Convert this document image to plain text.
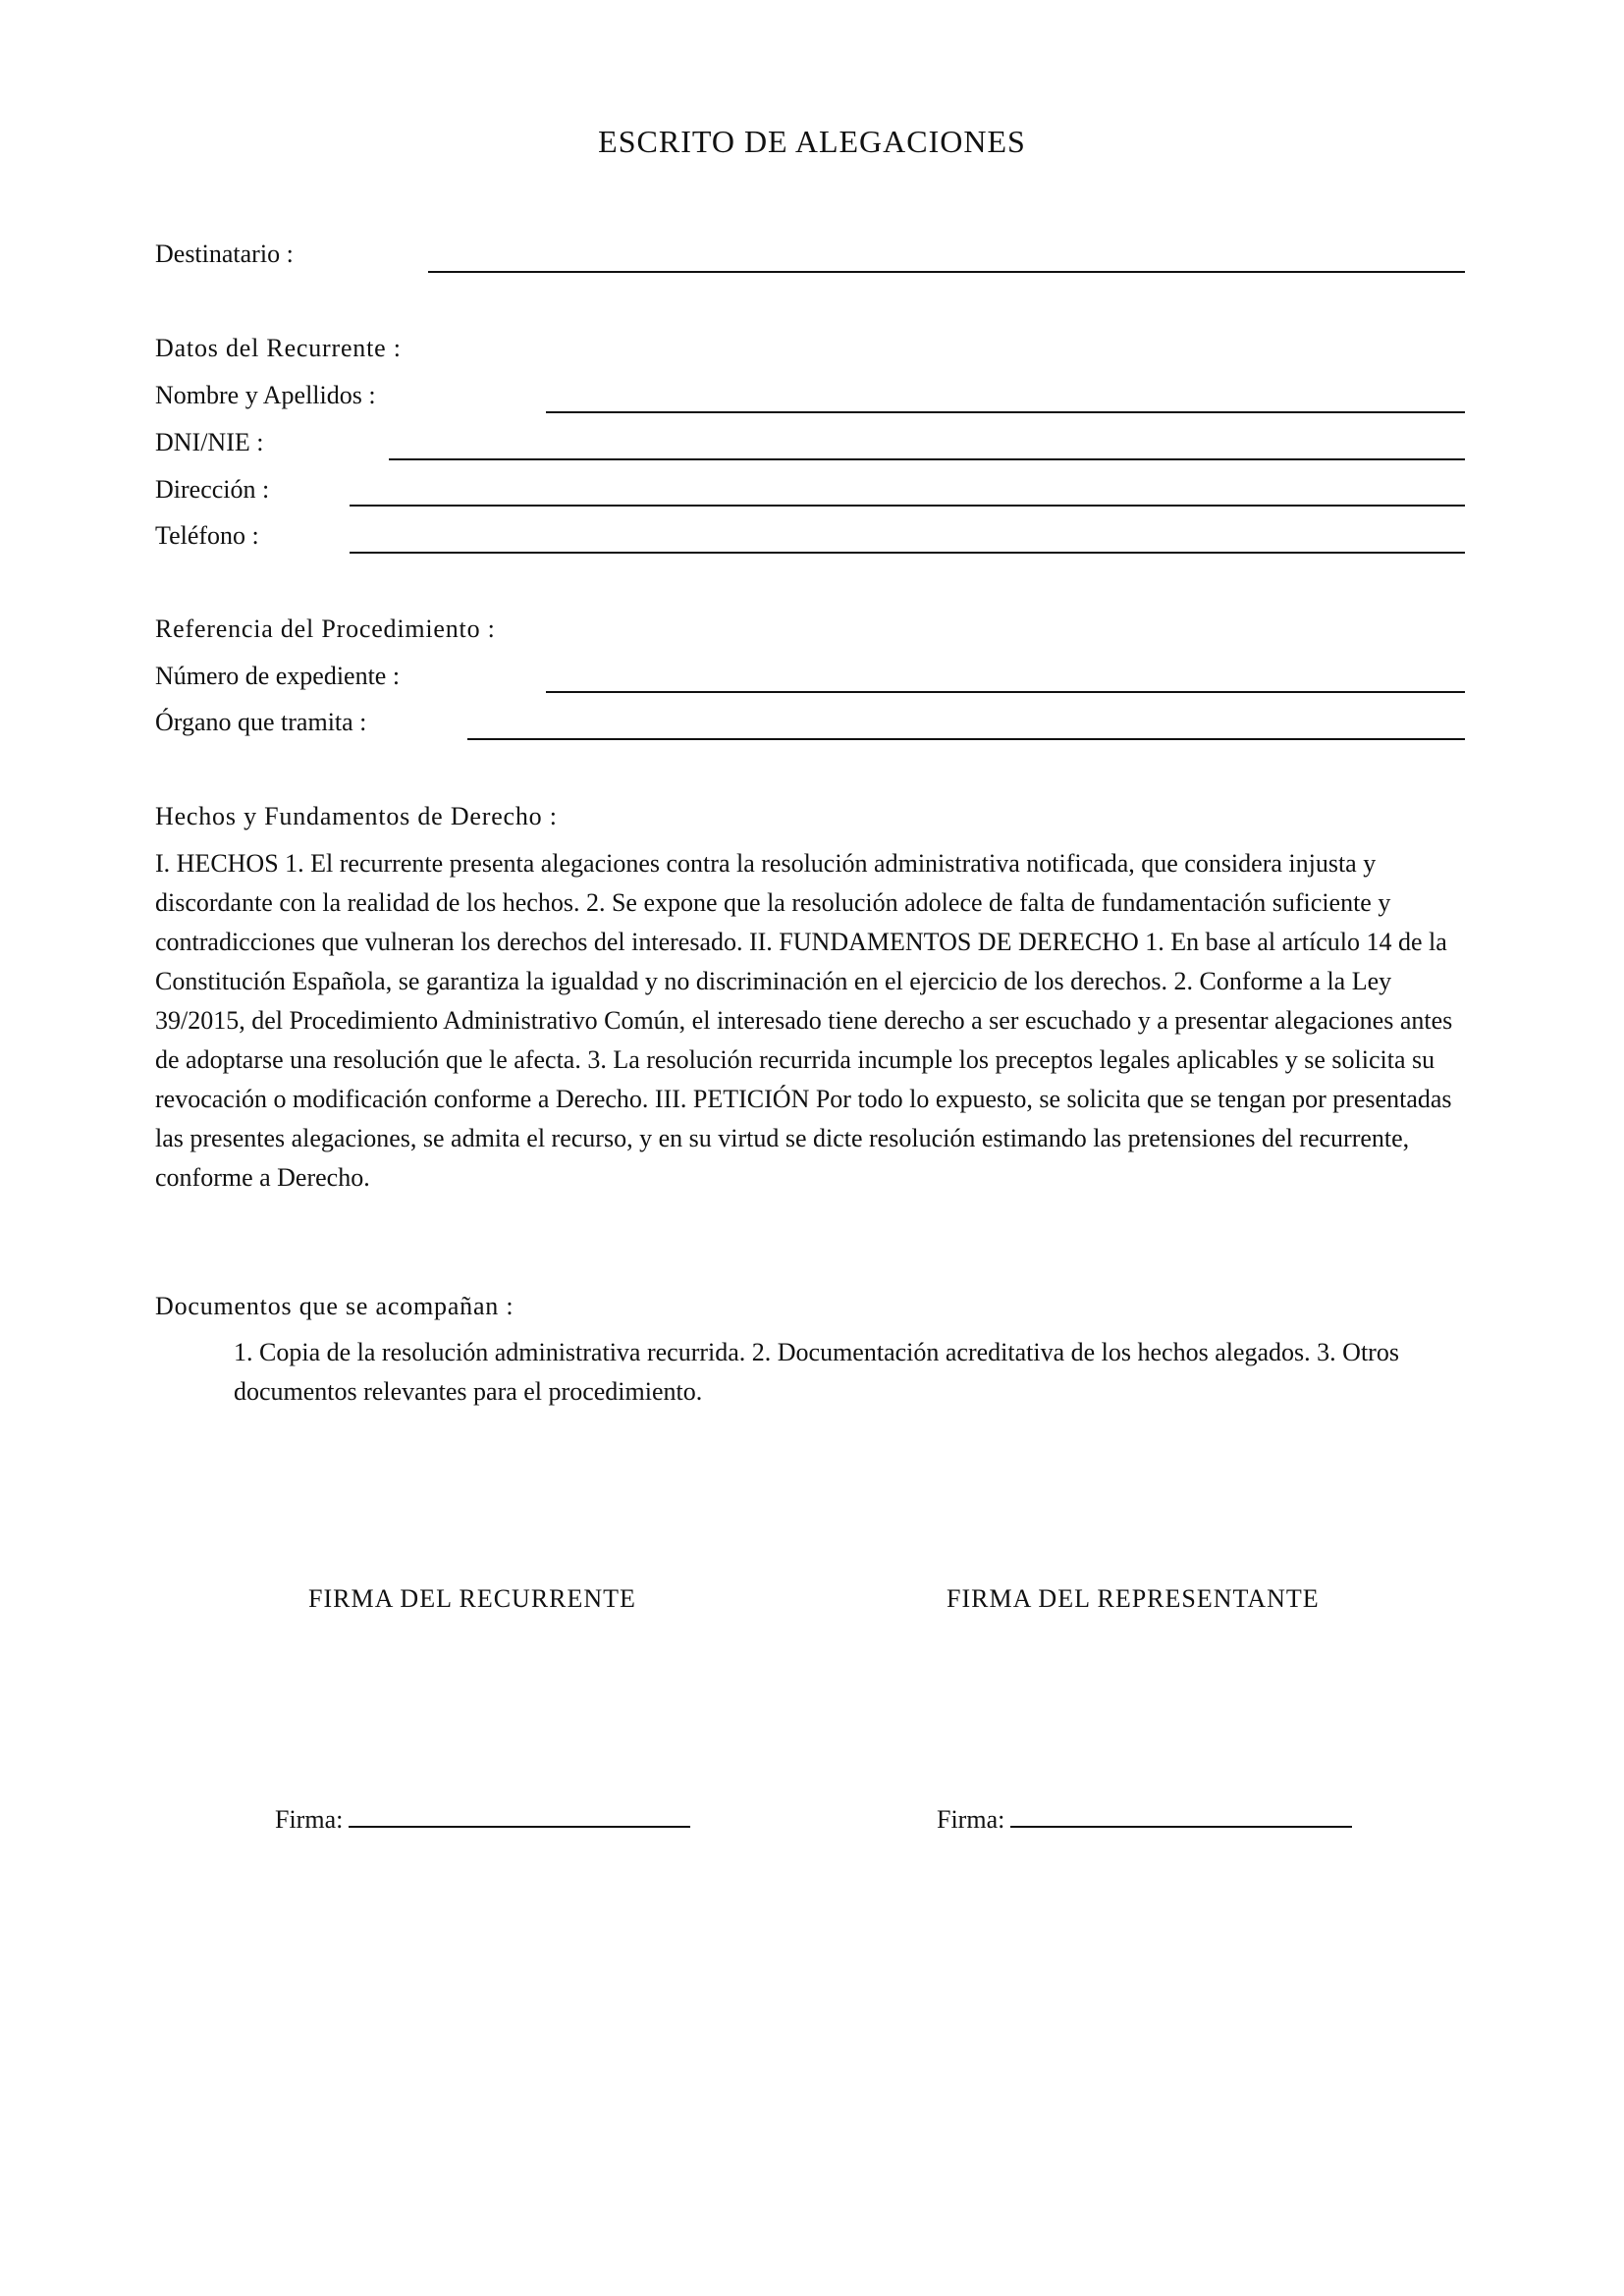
ESCRITO DE ALEGACIONES
Destinatario :
Datos del Recurrente :
Nombre y Apellidos :
DNI/NIE :
Dirección :
Teléfono :
Referencia del Procedimiento :
Número de expediente :
Órgano que tramita :
Hechos y Fundamentos de Derecho :
I. HECHOS 1. El recurrente presenta alegaciones contra la resolución administrativa notificada, que considera injusta y discordante con la realidad de los hechos. 2. Se expone que la resolución adolece de falta de fundamentación suficiente y contradicciones que vulneran los derechos del interesado. II. FUNDAMENTOS DE DERECHO 1. En base al artículo 14 de la Constitución Española, se garantiza la igualdad y no discriminación en el ejercicio de los derechos. 2. Conforme a la Ley 39/2015, del Procedimiento Administrativo Común, el interesado tiene derecho a ser escuchado y a presentar alegaciones antes de adoptarse una resolución que le afecta. 3. La resolución recurrida incumple los preceptos legales aplicables y se solicita su revocación o modificación conforme a Derecho. III. PETICIÓN Por todo lo expuesto, se solicita que se tengan por presentadas las presentes alegaciones, se admita el recurso, y en su virtud se dicte resolución estimando las pretensiones del recurrente, conforme a Derecho.
Documentos que se acompañan :
1. Copia de la resolución administrativa recurrida. 2. Documentación acreditativa de los hechos alegados. 3. Otros documentos relevantes para el procedimiento.
FIRMA DEL RECURRENTE	FIRMA DEL REPRESENTANTE
Firma:	Firma:
